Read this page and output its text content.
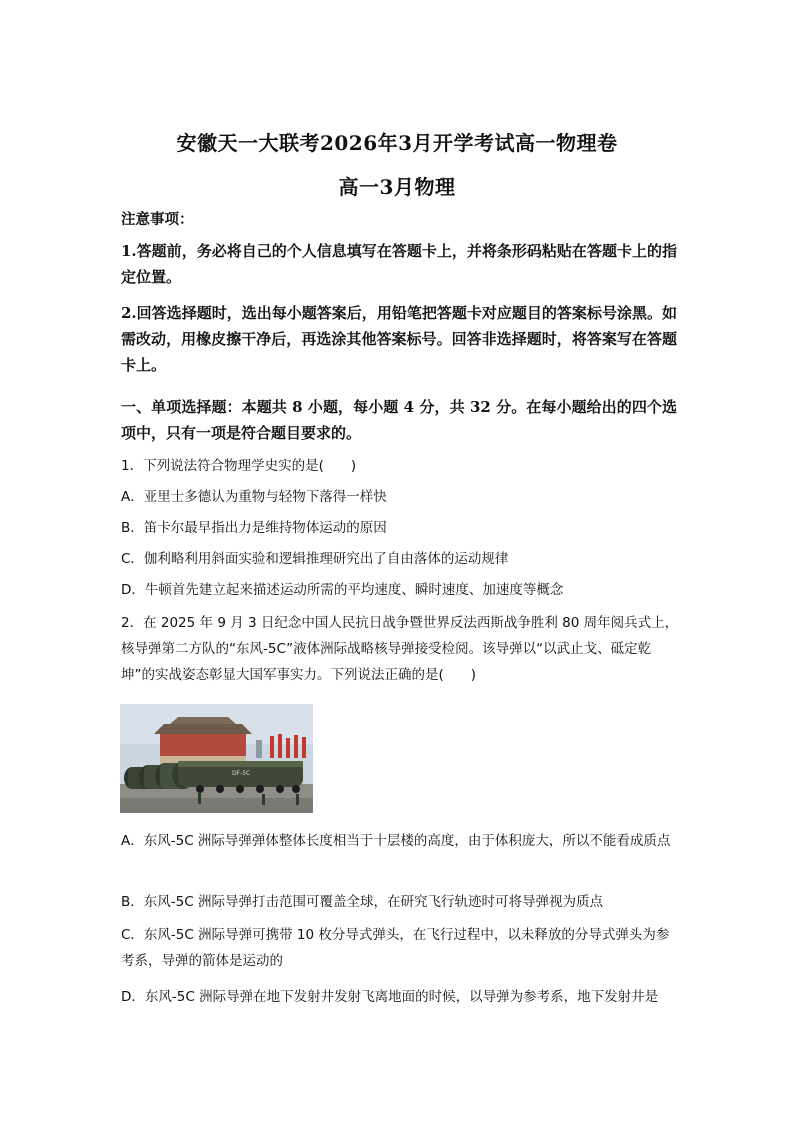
安徽天一大联考2026年3月开学考试高一物理卷
高一3月物理
注意事项：
1.答题前，务必将自己的个人信息填写在答题卡上，并将条形码粘贴在答题卡上的指定位置。
2.回答选择题时，选出每小题答案后，用铅笔把答题卡对应题目的答案标号涂黑。如需改动，用橡皮擦干净后，再选涂其他答案标号。回答非选择题时，将答案写在答题卡上。
一、单项选择题：本题共 8 小题，每小题 4 分，共 32 分。在每小题给出的四个选项中，只有一项是符合题目要求的。
1．下列说法符合物理学史实的是(　　)
A．亚里士多德认为重物与轻物下落得一样快
B．笛卡尔最早指出力是维持物体运动的原因
C．伽利略利用斜面实验和逻辑推理研究出了自由落体的运动规律
D．牛顿首先建立起来描述运动所需的平均速度、瞬时速度、加速度等概念
2．在 2025 年 9 月 3 日纪念中国人民抗日战争暨世界反法西斯战争胜利 80 周年阅兵式上，核导弹第二方队的“东风-5C”液体洲际战略核导弹接受检阅。该导弹以“以武止戈、砥定乾坤”的实战姿态彰显大国军事实力。下列说法正确的是(　　)
DF-5C
A．东风-5C 洲际导弹弹体整体长度相当于十层楼的高度，由于体积庞大，所以不能看成质点
B．东风-5C 洲际导弹打击范围可覆盖全球，在研究飞行轨迹时可将导弹视为质点
C．东风-5C 洲际导弹可携带 10 枚分导式弹头，在飞行过程中，以未释放的分导式弹头为参考系，导弹的箭体是运动的
D．东风-5C 洲际导弹在地下发射井发射飞离地面的时候，以导弹为参考系，地下发射井是
